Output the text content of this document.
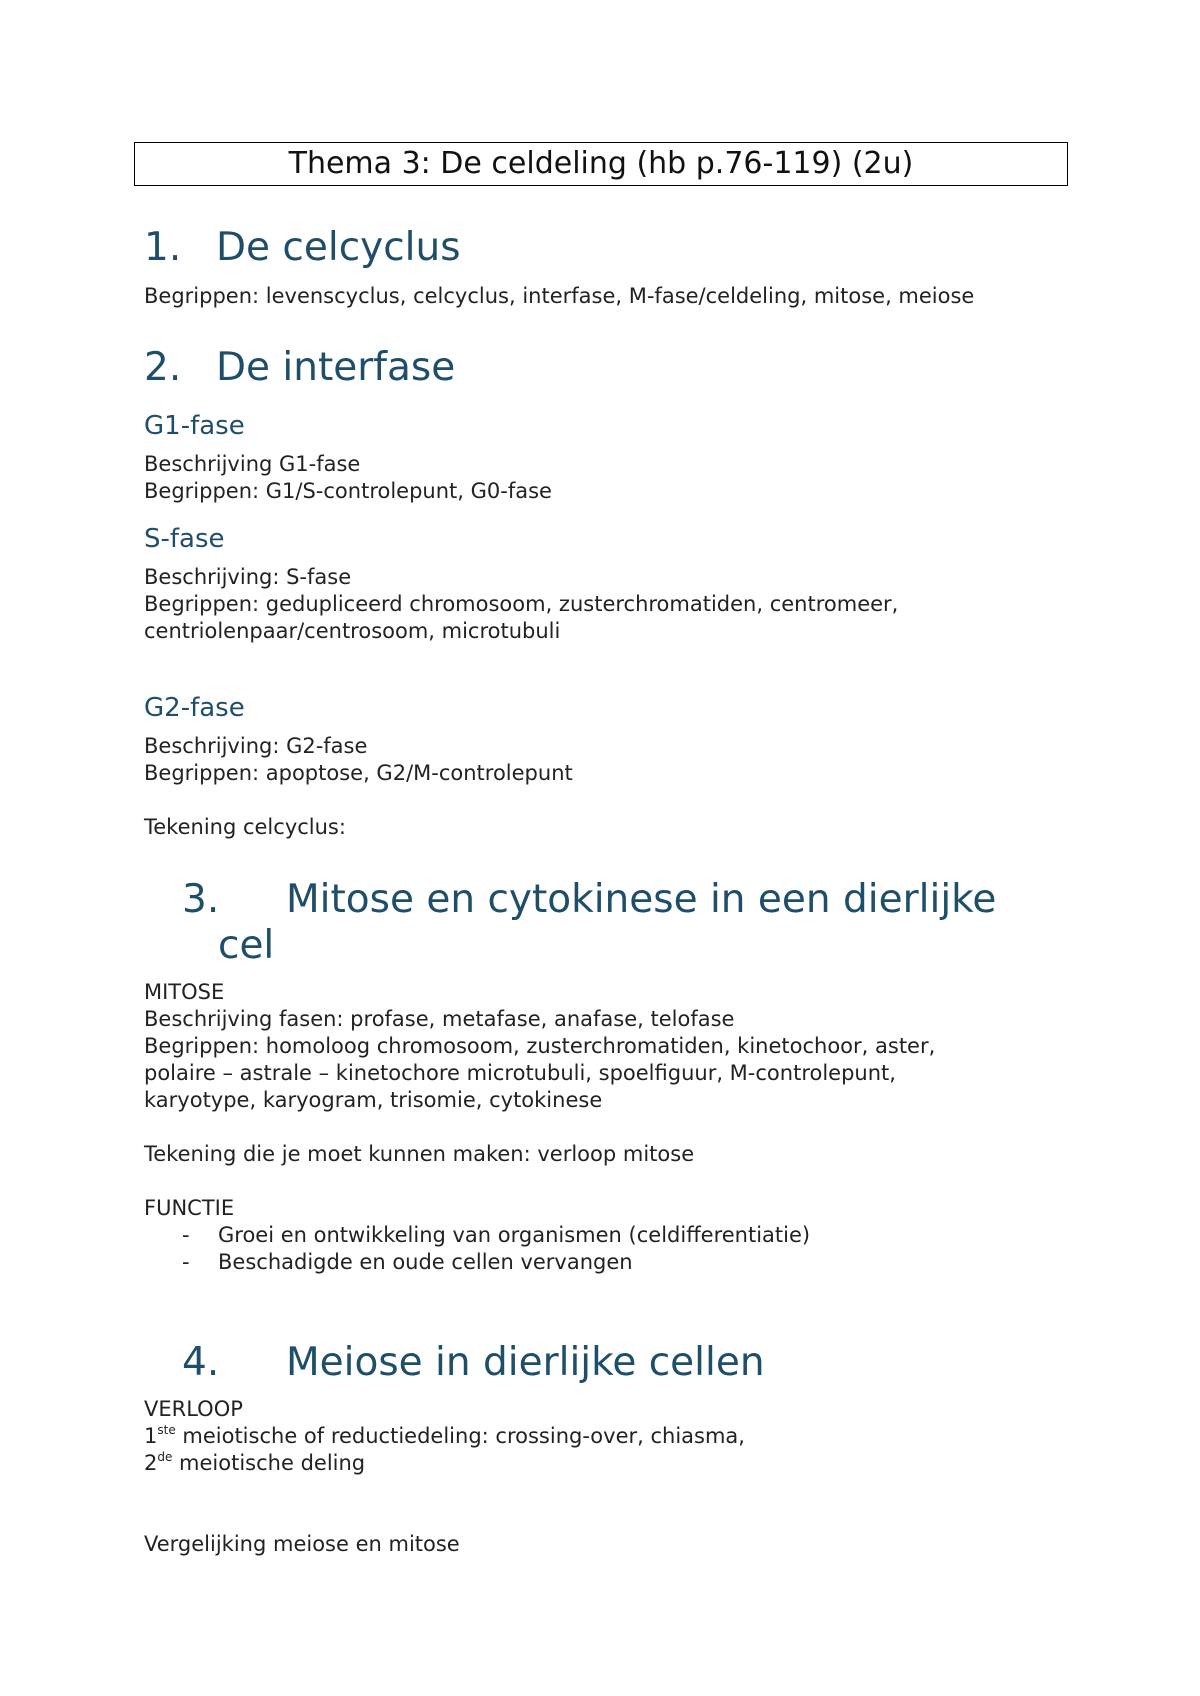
Thema 3: De celdeling (hb p.76-119) (2u)
1. De celcyclus
Begrippen: levenscyclus, celcyclus, interfase, M-fase/celdeling, mitose, meiose
2. De interfase
G1-fase
Beschrijving G1-fase
Begrippen: G1/S-controlepunt, G0-fase
S-fase
Beschrijving: S-fase
Begrippen: gedupliceerd chromosoom, zusterchromatiden, centromeer,
centriolenpaar/centrosoom, microtubuli
G2-fase
Beschrijving: G2-fase
Begrippen: apoptose, G2/M-controlepunt
Tekening celcyclus:
3. Mitose en cytokinese in een dierlijke
cel
MITOSE
Beschrijving fasen: profase, metafase, anafase, telofase
Begrippen: homoloog chromosoom, zusterchromatiden, kinetochoor, aster,
polaire – astrale – kinetochore microtubuli, spoelfiguur, M-controlepunt,
karyotype, karyogram, trisomie, cytokinese
Tekening die je moet kunnen maken: verloop mitose
FUNCTIE
- Groei en ontwikkeling van organismen (celdifferentiatie)
- Beschadigde en oude cellen vervangen
4. Meiose in dierlijke cellen
VERLOOP
1ste meiotische of reductiedeling: crossing-over, chiasma,
2de meiotische deling
Vergelijking meiose en mitose
